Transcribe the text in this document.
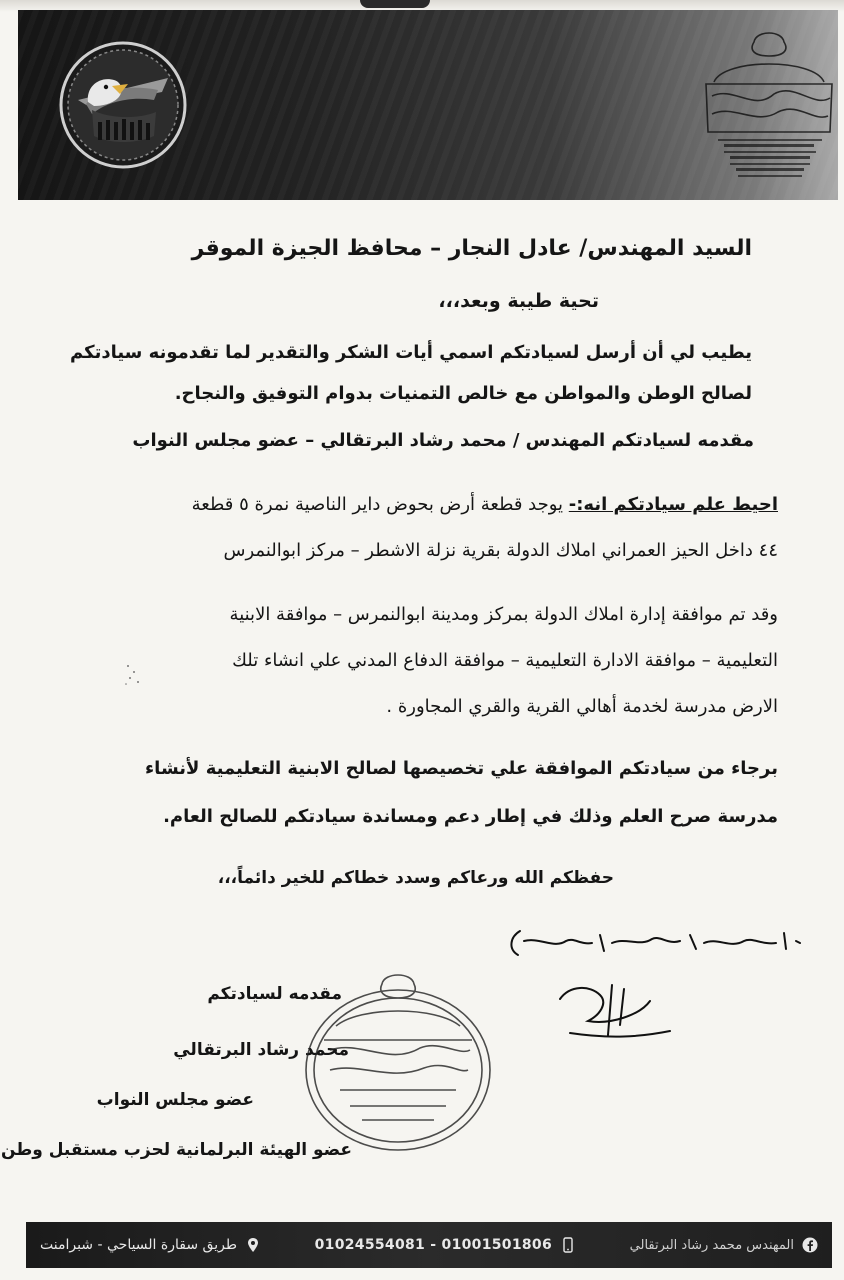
السيد المهندس/ عادل النجار – محافظ الجيزة الموقر
تحية طيبة وبعد،،،
يطيب لي أن أرسل لسيادتكم اسمي أيات الشكر والتقدير لما تقدمونه سيادتكم
لصالح الوطن والمواطن مع خالص التمنيات بدوام التوفيق والنجاح.
مقدمه لسيادتكم المهندس / محمد رشاد البرتقالي – عضو مجلس النواب
احيط علم سيادتكم انه:- يوجد قطعة أرض بحوض داير الناصية نمرة ٥ قطعة
٤٤ داخل الحيز العمراني املاك الدولة بقرية نزلة الاشطر – مركز ابوالنمرس
وقد تم موافقة إدارة املاك الدولة بمركز ومدينة ابوالنمرس – موافقة الابنية
التعليمية – موافقة الادارة التعليمية – موافقة الدفاع المدني علي انشاء تلك
الارض مدرسة لخدمة أهالي القرية والقري المجاورة .
برجاء من سيادتكم الموافقة علي تخصيصها لصالح الابنية التعليمية لأنشاء
مدرسة صرح العلم وذلك في إطار دعم ومساندة سيادتكم للصالح العام.
حفظكم الله ورعاكم وسدد خطاكم للخير دائماً،،،
مقدمه لسيادتكم
محمد رشاد البرتقالي
عضو مجلس النواب
عضو الهيئة البرلمانية لحزب مستقبل وطن
طريق سقارة السياحي - شبرامنت	01024554081 - 01001501806	المهندس محمد رشاد البرتقالي
